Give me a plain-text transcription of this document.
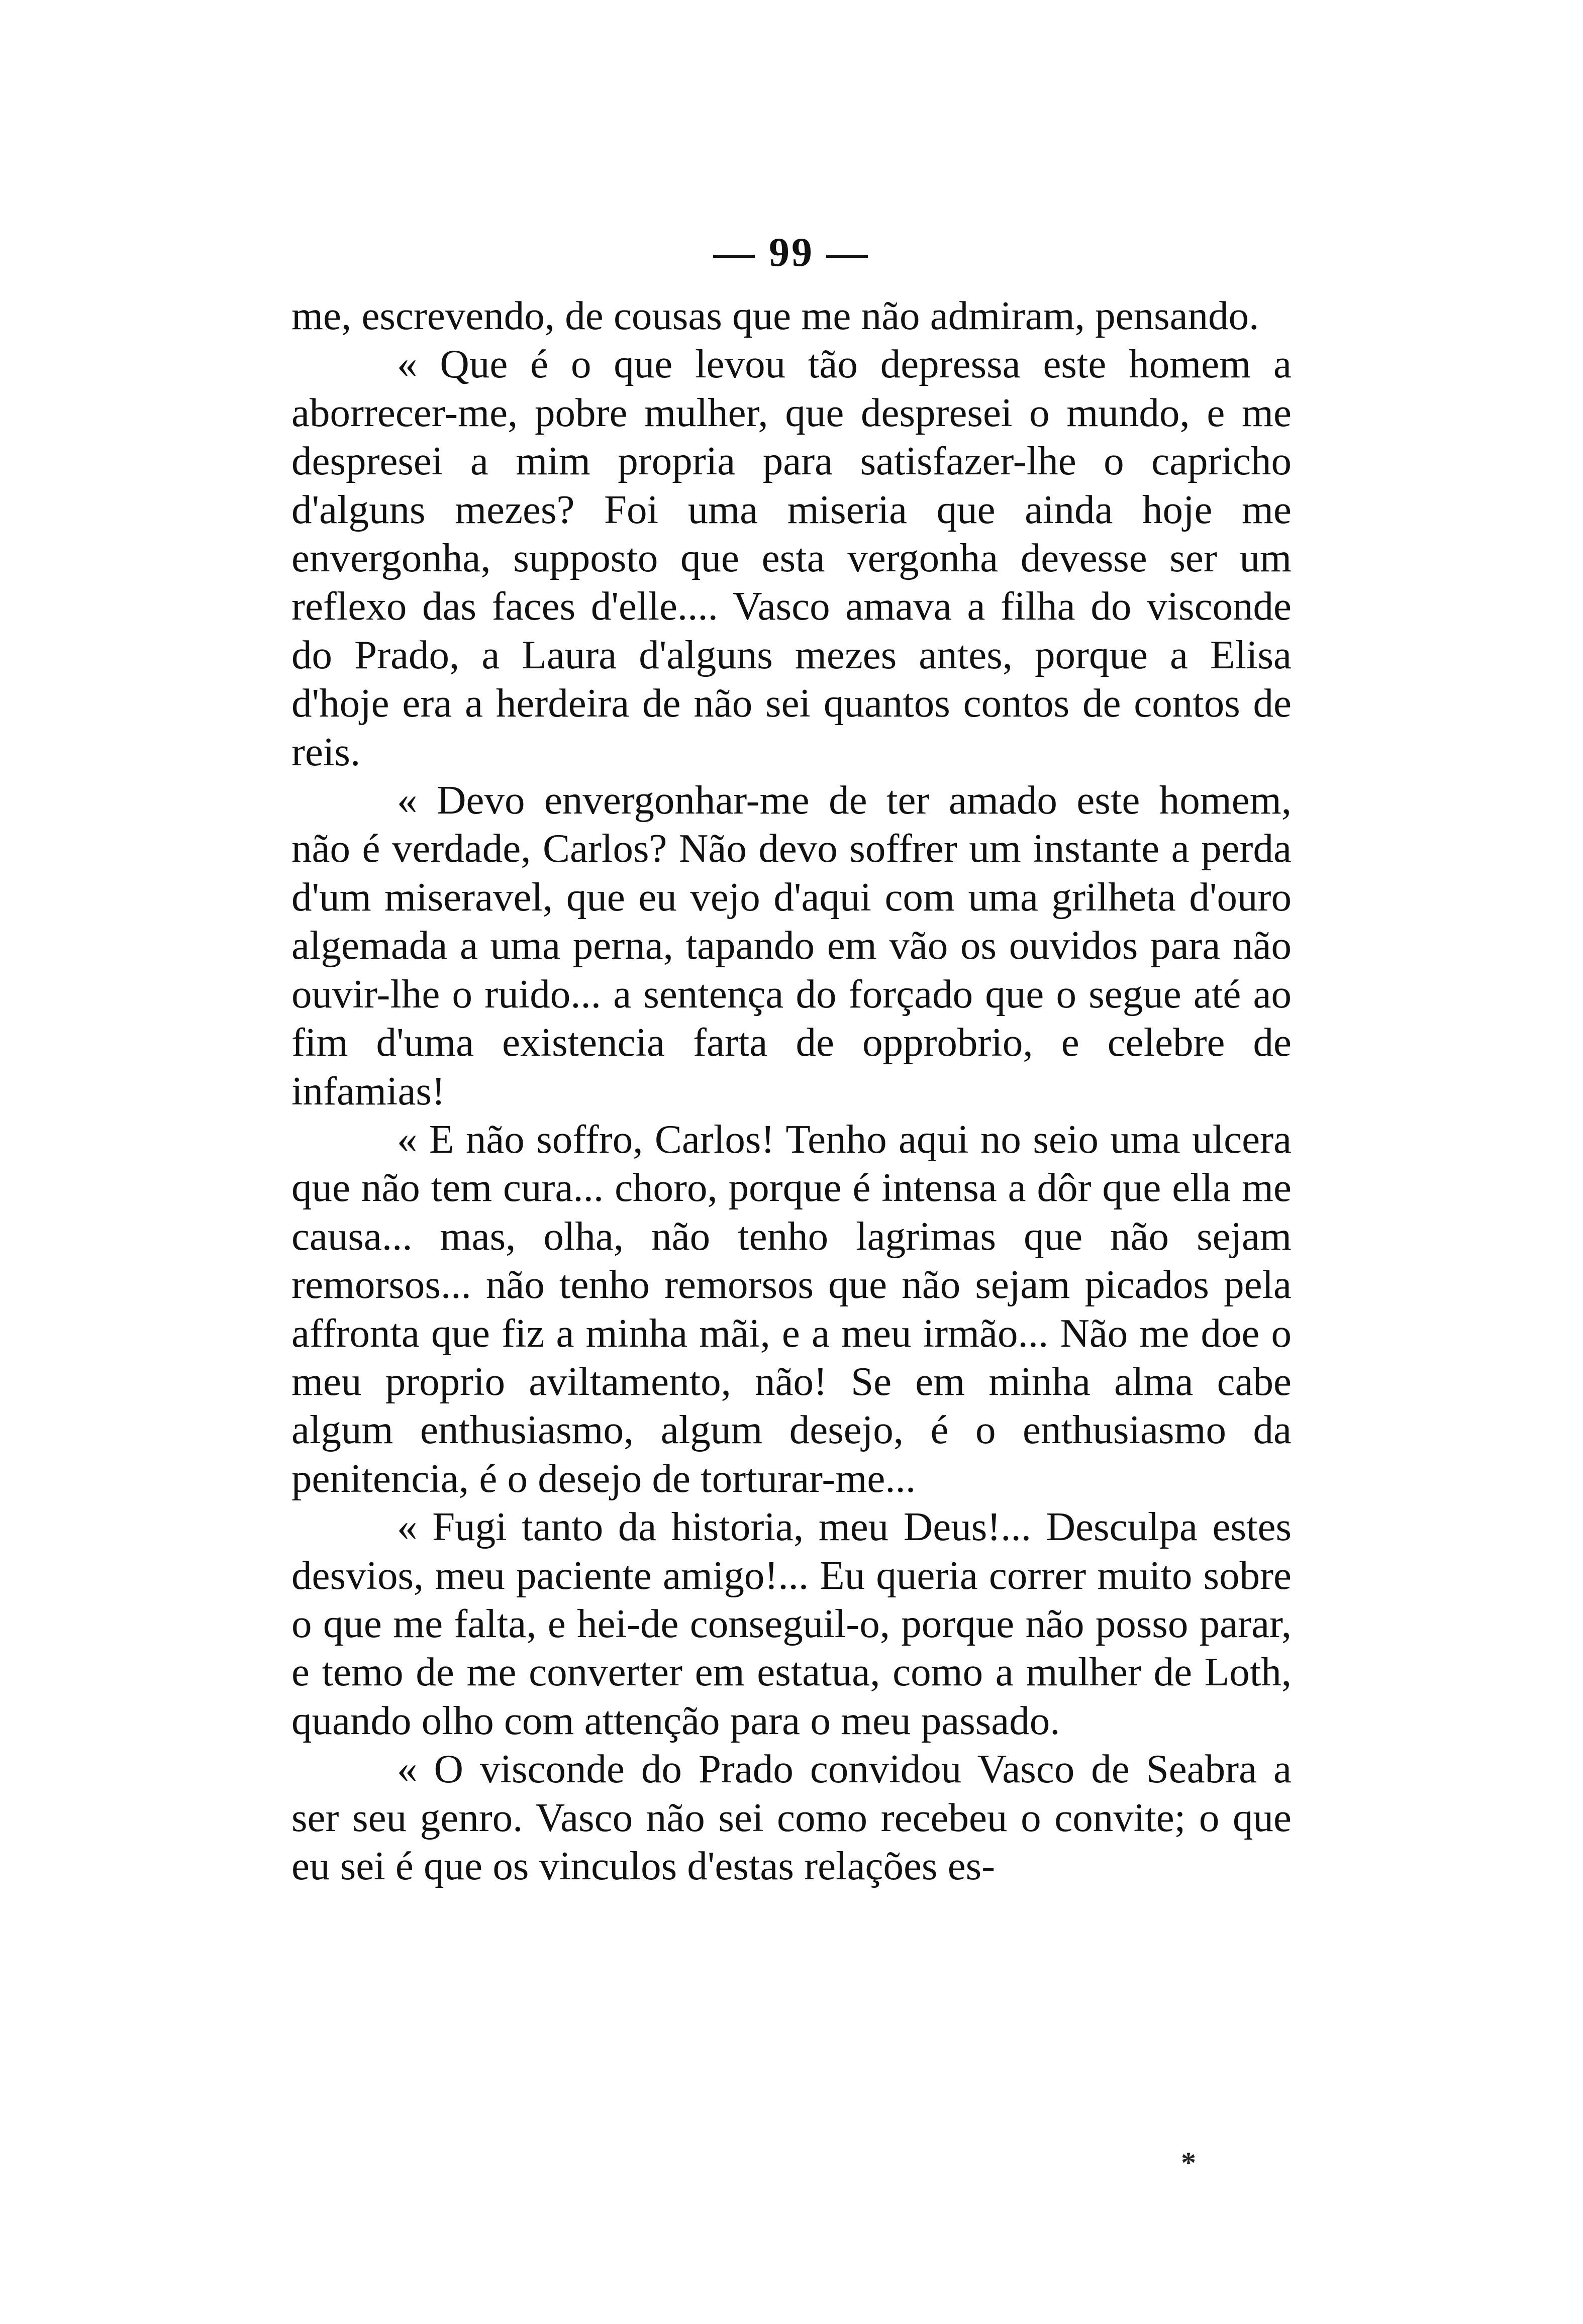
— 99 —

me, escrevendo, de cousas que me não admiram, pensando.

« Que é o que levou tão depressa este homem a aborrecer-me, pobre mulher, que despresei o mundo, e me despresei a mim propria para satisfazer-lhe o capricho d'alguns mezes? Foi uma miseria que ainda hoje me envergonha, supposto que esta vergonha devesse ser um reflexo das faces d'elle.... Vasco amava a filha do visconde do Prado, a Laura d'alguns mezes antes, porque a Elisa d'hoje era a herdeira de não sei quantos contos de contos de reis.

« Devo envergonhar-me de ter amado este homem, não é verdade, Carlos? Não devo soffrer um instante a perda d'um miseravel, que eu vejo d'aqui com uma grilheta d'ouro algemada a uma perna, tapando em vão os ouvidos para não ouvir-lhe o ruido... a sentença do forçado que o segue até ao fim d'uma existencia farta de opprobrio, e celebre de infamias!

« E não soffro, Carlos! Tenho aqui no seio uma ulcera que não tem cura... choro, porque é intensa a dôr que ella me causa... mas, olha, não tenho lagrimas que não sejam remorsos... não tenho remorsos que não sejam picados pela affronta que fiz a minha mãi, e a meu irmão... Não me doe o meu proprio aviltamento, não! Se em minha alma cabe algum enthusiasmo, algum desejo, é o enthusiasmo da penitencia, é o desejo de torturar-me...

« Fugi tanto da historia, meu Deus!... Desculpa estes desvios, meu paciente amigo!... Eu queria correr muito sobre o que me falta, e hei-de conseguil-o, porque não posso parar, e temo de me converter em estatua, como a mulher de Loth, quando olho com attenção para o meu passado.

« O visconde do Prado convidou Vasco de Seabra a ser seu genro. Vasco não sei como recebeu o convite; o que eu sei é que os vinculos d'estas relações es-

*
